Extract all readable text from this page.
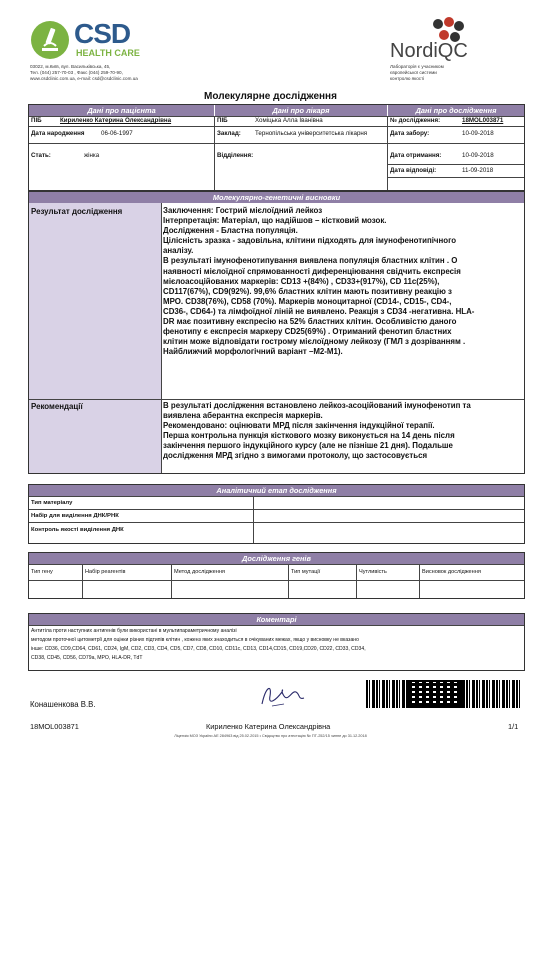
CSD
HEALTH CARE
03022, м.Київ, вул. Васильківська, 45,
Тел. (044) 257-70-03 , Факс (044) 259-70-90,
www.csdclinic.com.ua, e-mail: csd@csdclinic.com.ua
NordiQC
Лабораторія є учасником
європейської системи
контролю якості
Молекулярне дослідження
Дані про пацієнта	Дані про лікаря	Дані про дослідження
ПІБ	Кириленко Катерина Олександрівна
Дата народження	06-06-1997
Стать:	жінка
ПІБ	Хоміцька Алла Іванівна
Заклад: Тернопільська університетська лікарня
Відділення:
№ дослідження:	18MOL003871
Дата забору:	10-09-2018
Дата отримання:	10-09-2018
Дата відповіді:	11-09-2018
Молекулярно-генетичні висновки
Результат дослідження	Заключення: Гострий мієлоїдний лейкоз
Інтерпретація: Матеріал, що надійшов – кістковий мозок.
Дослідження - Бластна популяція.
Цілісність зразка - задовільна, клітини підходять для імунофенотипічного
аналізу.
В результаті імунофенотипування виявлена популяція бластних клітин . О
наявності мієлоїдної спрямованності диференціювання свідчить експресія
мієлоасоційованих маркерів: CD13 +(84%) , CD33+(917%), CD 11c(25%),
CD117(67%), CD9(92%). 99,6% бластних клітин мають позитивну реакцію з
МРО. CD38(76%), CD58 (70%). Маркерів моноцитарної (CD14-, CD15-, CD4-,
CD36-, CD64-) та лімфоїдної ліній не виявлено. Реакція з CD34 -негативна. HLA-
DR має позитивну експресію на 52% бластних клітин. Особливістю даного
фенотипу є експресія маркеру CD25(69%) . Отриманий фенотип бластних
клітин може відповідати гострому мієлоїдному лейкозу (ГМЛ з дозріванням .
Найближчий морфологічний варіант –М2-М1).
Рекомендації	В результаті дослідження встановлено лейкоз-асоційований імунофенотип та
виявлена аберантна експресія маркерів.
Рекомендовано: оцінювати МРД після закінчення індукційної терапії.
Перша контрольна пункція кісткового мозку виконується на 14 день після
закінчення першого індукційного курсу (але не пізніше 21 дня). Подальше
дослідження МРД згідно з вимогами протоколу, що застосовується
Аналітичний етап дослідження
Тип матеріалу
Набір для виділення ДНК/РНК
Контроль якості виділення ДНК
Дослідження генів
Тип гену	Набір реагентів	Метод дослідження	Тип мутації	Чутливість	Висновок дослідження
Коментарі
Антитіла проти наступних антигенів були використані в мультипараметричному аналізі
методом проточної цитометрії для оцінки різних підтипів клітин , коженз яких знаходиться в очікуваних межах, якщо у висновку не вказано
інше: CD36, CD9,CD64, CD61, CD24, IgM, CD2, CD3, CD4, CD5, CD7, CD8, CD10, CD11c, CD13, CD14,CD15, CD19,CD20, CD22, CD33, CD34,
CD38, CD45, CD56, CD79a, MPO, HLA-DR, TdT
Конашенкова В.В.
18MOL003871	Кириленко Катерина Олександрівна	1/1
Ліцензія МОЗ України АЕ 284963 від 25.02.2015 • Свідоцтво про атестацію № ПТ-252/15 чинне до 31.12.2018
